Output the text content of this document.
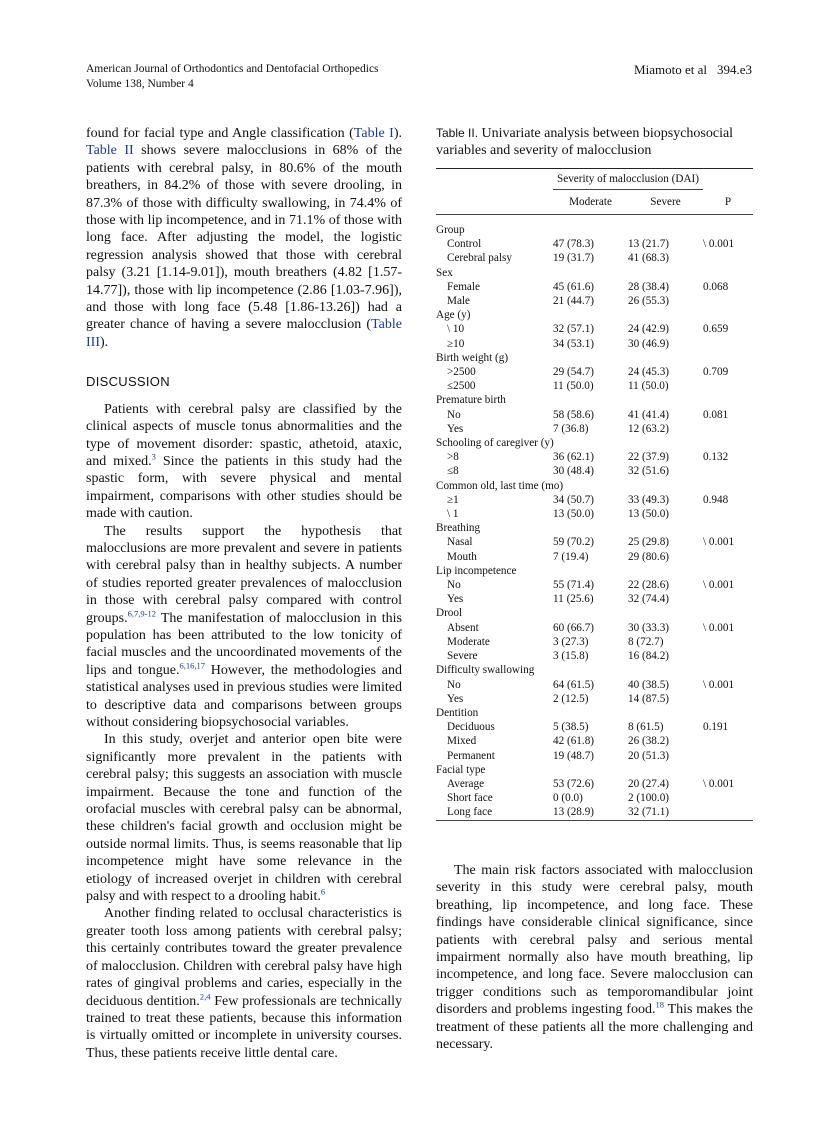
American Journal of Orthodontics and Dentofacial Orthopedics
Volume 138, Number 4
Miamoto et al 394.e3

found for facial type and Angle classification (Table I). Table II shows severe malocclusions in 68% of the patients with cerebral palsy, in 80.6% of the mouth breathers, in 84.2% of those with severe drooling, in 87.3% of those with difficulty swallowing, in 74.4% of those with lip incompetence, and in 71.1% of those with long face. After adjusting the model, the logistic regression analysis showed that those with cerebral palsy (3.21 [1.14-9.01]), mouth breathers (4.82 [1.57-14.77]), those with lip incompetence (2.86 [1.03-7.96]), and those with long face (5.48 [1.86-13.26]) had a greater chance of having a severe malocclusion (Table III).

DISCUSSION

Patients with cerebral palsy are classified by the clinical aspects of muscle tonus abnormalities and the type of movement disorder: spastic, athetoid, ataxic, and mixed.$^3$ Since the patients in this study had the spastic form, with severe physical and mental impairment, comparisons with other studies should be made with caution.

The results support the hypothesis that malocclusions are more prevalent and severe in patients with cerebral palsy than in healthy subjects. A number of studies reported greater prevalences of malocclusion in those with cerebral palsy compared with control groups.$^{6,7,9-12}$ The manifestation of malocclusion in this population has been attributed to the low tonicity of facial muscles and the uncoordinated movements of the lips and tongue.$^{6,16,17}$ However, the methodologies and statistical analyses used in previous studies were limited to descriptive data and comparisons between groups without considering biopsychosocial variables.

In this study, overjet and anterior open bite were significantly more prevalent in the patients with cerebral palsy; this suggests an association with muscle impairment. Because the tone and function of the orofacial muscles with cerebral palsy can be abnormal, these children's facial growth and occlusion might be outside normal limits. Thus, is seems reasonable that lip incompetence might have some relevance in the etiology of increased overjet in children with cerebral palsy and with respect to a drooling habit.$^6$

Another finding related to occlusal characteristics is greater tooth loss among patients with cerebral palsy; this certainly contributes toward the greater prevalence of malocclusion. Children with cerebral palsy have high rates of gingival problems and caries, especially in the deciduous dentition.$^{2,4}$ Few professionals are technically trained to treat these patients, because this information is virtually omitted or incomplete in university courses. Thus, these patients receive little dental care.

Table II. Univariate analysis between biopsychosocial variables and severity of malocclusion
	Severity of malocclusion (DAI)		
	Moderate	Severe	P

Group			
Control	47 (78.3)	13 (21.7)	\ 0.001
Cerebral palsy	19 (31.7)	41 (68.3)	
Sex			
Female	45 (61.6)	28 (38.4)	0.068
Male	21 (44.7)	26 (55.3)	
Age (y)			
\ 10	32 (57.1)	24 (42.9)	0.659
≥10	34 (53.1)	30 (46.9)	
Birth weight (g)			
>2500	29 (54.7)	24 (45.3)	0.709
≤2500	11 (50.0)	11 (50.0)	
Premature birth			
No	58 (58.6)	41 (41.4)	0.081
Yes	7 (36.8)	12 (63.2)	
Schooling of caregiver (y)			
>8	36 (62.1)	22 (37.9)	0.132
≤8	30 (48.4)	32 (51.6)	
Common old, last time (mo)			
≥1	34 (50.7)	33 (49.3)	0.948
\ 1	13 (50.0)	13 (50.0)	
Breathing			
Nasal	59 (70.2)	25 (29.8)	\ 0.001
Mouth	7 (19.4)	29 (80.6)	
Lip incompetence			
No	55 (71.4)	22 (28.6)	\ 0.001
Yes	11 (25.6)	32 (74.4)	
Drool			
Absent	60 (66.7)	30 (33.3)	\ 0.001
Moderate	3 (27.3)	8 (72.7)	
Severe	3 (15.8)	16 (84.2)	
Difficulty swallowing			
No	64 (61.5)	40 (38.5)	\ 0.001
Yes	2 (12.5)	14 (87.5)	
Dentition			
Deciduous	5 (38.5)	8 (61.5)	0.191
Mixed	42 (61.8)	26 (38.2)	
Permanent	19 (48.7)	20 (51.3)	
Facial type			
Average	53 (72.6)	20 (27.4)	\ 0.001
Short face	0 (0.0)	2 (100.0)	
Long face	13 (28.9)	32 (71.1)	

The main risk factors associated with malocclusion severity in this study were cerebral palsy, mouth breathing, lip incompetence, and long face. These findings have considerable clinical significance, since patients with cerebral palsy and serious mental impairment normally also have mouth breathing, lip incompetence, and long face. Severe malocclusion can trigger conditions such as temporomandibular joint disorders and problems ingesting food.$^{18}$ This makes the treatment of these patients all the more challenging and necessary.
